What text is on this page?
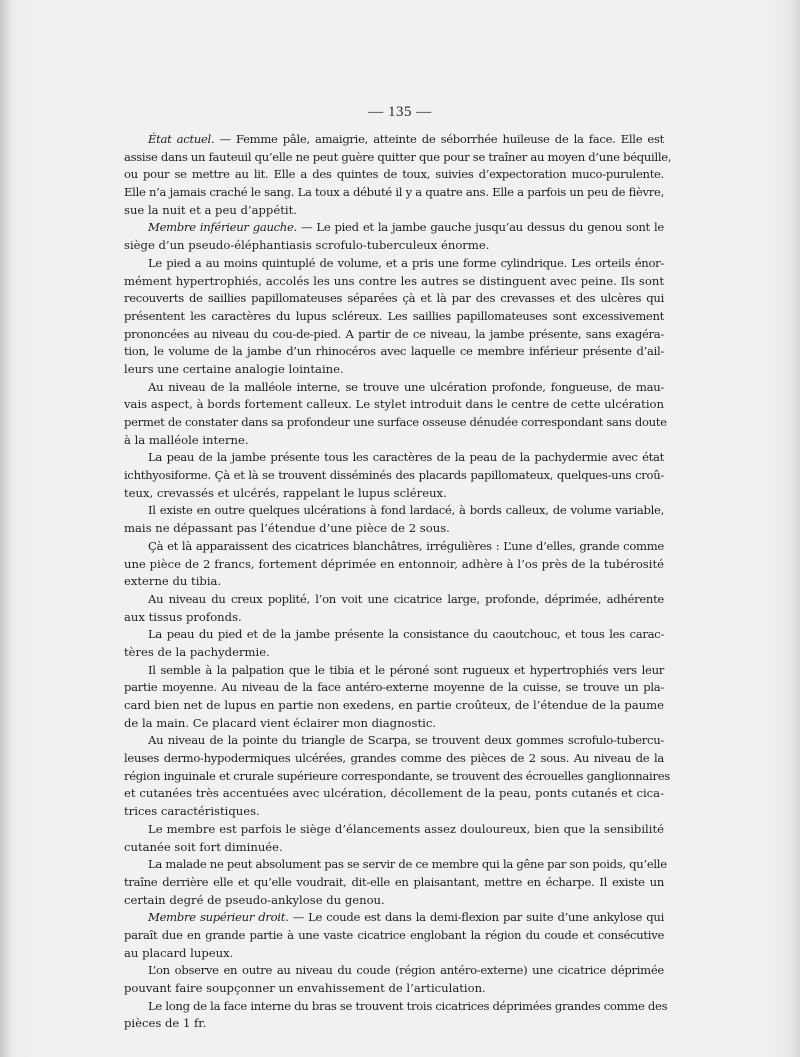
— 135 —
État actuel. — Femme pâle, amaigrie, atteinte de séborrhée huileuse de la face. Elle est
assise dans un fauteuil qu’elle ne peut guère quitter que pour se traîner au moyen d’une béquille,
ou pour se mettre au lit. Elle a des quintes de toux, suivies d’expectoration muco-purulente.
Elle n’a jamais craché le sang. La toux a débuté il y a quatre ans. Elle a parfois un peu de fièvre,
sue la nuit et a peu d’appétit.
Membre inférieur gauche. — Le pied et la jambe gauche jusqu’au dessus du genou sont le
siège d’un pseudo-éléphantiasis scrofulo-tuberculeux énorme.
Le pied a au moins quintuplé de volume, et a pris une forme cylindrique. Les orteils énor-
mément hypertrophiés, accolés les uns contre les autres se distinguent avec peine. Ils sont
recouverts de saillies papillomateuses séparées çà et là par des crevasses et des ulcères qui
présentent les caractères du lupus scléreux. Les saillies papillomateuses sont excessivement
prononcées au niveau du cou-de-pied. A partir de ce niveau, la jambe présente, sans exagéra-
tion, le volume de la jambe d’un rhinocéros avec laquelle ce membre inférieur présente d’ail-
leurs une certaine analogie lointaine.
Au niveau de la malléole interne, se trouve une ulcération profonde, fongueuse, de mau-
vais aspect, à bords fortement calleux. Le stylet introduit dans le centre de cette ulcération
permet de constater dans sa profondeur une surface osseuse dénudée correspondant sans doute
à la malléole interne.
La peau de la jambe présente tous les caractères de la peau de la pachydermie avec état
ichthyosiforme. Çà et là se trouvent disséminés des placards papillomateux, quelques-uns croû-
teux, crevassés et ulcérés, rappelant le lupus scléreux.
Il existe en outre quelques ulcérations à fond lardacé, à bords calleux, de volume variable,
mais ne dépassant pas l’étendue d’une pièce de 2 sous.
Çà et là apparaissent des cicatrices blanchâtres, irrégulières : L’une d’elles, grande comme
une pièce de 2 francs, fortement déprimée en entonnoir, adhère à l’os près de la tubérosité
externe du tibia.
Au niveau du creux poplité, l’on voit une cicatrice large, profonde, déprimée, adhérente
aux tissus profonds.
La peau du pied et de la jambe présente la consistance du caoutchouc, et tous les carac-
tères de la pachydermie.
Il semble à la palpation que le tibia et le péroné sont rugueux et hypertrophiés vers leur
partie moyenne. Au niveau de la face antéro-externe moyenne de la cuisse, se trouve un pla-
card bien net de lupus en partie non exedens, en partie croûteux, de l’étendue de la paume
de la main. Ce placard vient éclairer mon diagnostic.
Au niveau de la pointe du triangle de Scarpa, se trouvent deux gommes scrofulo-tubercu-
leuses dermo-hypodermiques ulcérées, grandes comme des pièces de 2 sous. Au niveau de la
région inguinale et crurale supérieure correspondante, se trouvent des écrouelles ganglionnaires
et cutanées très accentuées avec ulcération, décollement de la peau, ponts cutanés et cica-
trices caractéristiques.
Le membre est parfois le siège d’élancements assez douloureux, bien que la sensibilité
cutanée soit fort diminuée.
La malade ne peut absolument pas se servir de ce membre qui la gêne par son poids, qu’elle
traîne derrière elle et qu’elle voudrait, dit-elle en plaisantant, mettre en écharpe. Il existe un
certain degré de pseudo-ankylose du genou.
Membre supérieur droit. — Le coude est dans la demi-flexion par suite d’une ankylose qui
paraît due en grande partie à une vaste cicatrice englobant la région du coude et consécutive
au placard lupeux.
L’on observe en outre au niveau du coude (région antéro-externe) une cicatrice déprimée
pouvant faire soupçonner un envahissement de l’articulation.
Le long de la face interne du bras se trouvent trois cicatrices déprimées grandes comme des
pièces de 1 fr.
